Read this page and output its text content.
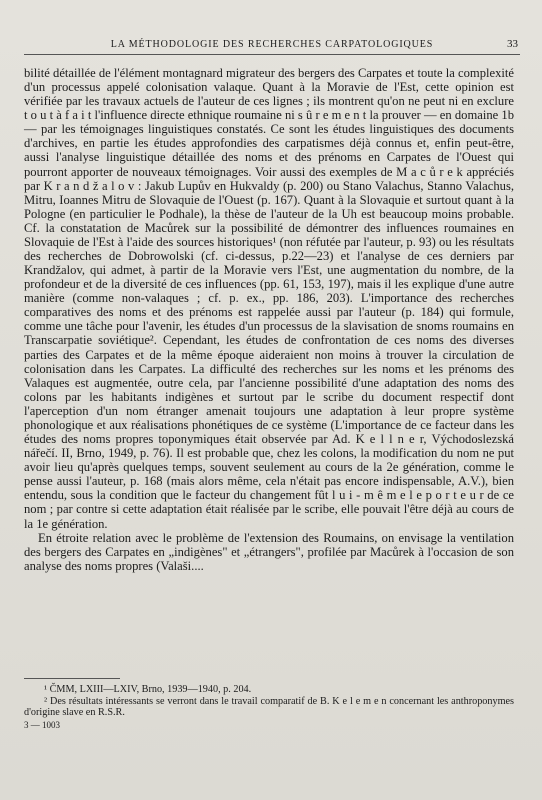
LA MÉTHODOLOGIE DES RECHERCHES CARPATOLOGIQUES	33

bilité détaillée de l'élément montagnard migrateur des bergers des Carpates et toute la complexité d'un processus appelé colonisation valaque. Quant à la Moravie de l'Est, cette opinion est vérifiée par les travaux actuels de l'auteur de ces lignes ; ils montrent qu'on ne peut ni en exclure t o u t à f a i t l'influence directe ethnique roumaine ni s û r e m e n t la prouver — en domaine 1b — par les témoignages linguistiques constatés. Ce sont les études linguistiques des documents d'archives, en partie les études approfondies des carpatismes déjà connus et, enfin peut-être, aussi l'analyse linguistique détaillée des noms et des prénoms en Carpates de l'Ouest qui pourront apporter de nouveaux témoignages. Voir aussi des exemples de M a c ů r e k appréciés par K r a n d ž a l o v : Jakub Lupův en Hukvaldy (p. 200) ou Stano Valachus, Stanno Valachus, Mitru, Ioannes Mitru de Slovaquie de l'Ouest (p. 167). Quant à la Slovaquie et surtout quant à la Pologne (en particulier le Podhale), la thèse de l'auteur de la Uh est beaucoup moins probable. Cf. la constatation de Macůrek sur la possibilité de démontrer des influences roumaines en Slovaquie de l'Est à l'aide des sources historiques¹ (non réfutée par l'auteur, p. 93) ou les résultats des recherches de Dobrowolski (cf. ci-dessus, p.22—23) et l'analyse de ces derniers par Krandžalov, qui admet, à partir de la Moravie vers l'Est, une augmentation du nombre, de la profondeur et de la diversité de ces influences (pp. 61, 153, 197), mais il les explique d'une autre manière (comme non-valaques ; cf. p. ex., pp. 186, 203). L'importance des recherches comparatives des noms et des prénoms est rappelée aussi par l'auteur (p. 184) qui formule, comme une tâche pour l'avenir, les études d'un processus de la slavisation de snoms roumains en Transcarpatie soviétique². Cependant, les études de confrontation de ces noms des diverses parties des Carpates et de la même époque aideraient non moins à trouver la circulation de colonisation dans les Carpates. La difficulté des recherches sur les noms et les prénoms des Valaques est augmentée, outre cela, par l'ancienne possibilité d'une adaptation des noms des colons par les habitants indigènes et surtout par le scribe du document respectif dont l'aperception d'un nom étranger amenait toujours une adaptation à leur propre système phonologique et aux réalisations phonétiques de ce système (L'importance de ce facteur dans les études des noms propres toponymiques était observée par Ad. K e l l n e r, Východoslezská nářečí. II, Brno, 1949, p. 76). Il est probable que, chez les colons, la modification du nom ne put avoir lieu qu'après quelques temps, souvent seulement au cours de la 2e génération, comme le pense aussi l'auteur, p. 168 (mais alors même, cela n'était pas encore indispensable, A.V.), bien entendu, sous la condition que le facteur du changement fût l u i - m ê m e l e p o r t e u r de ce nom ; par contre si cette adaptation était réalisée par le scribe, elle pouvait l'être déjà au cours de la 1e génération.

En étroite relation avec le problème de l'extension des Roumains, on envisage la ventilation des bergers des Carpates en „indigènes" et „étrangers", profilée par Macůrek à l'occasion de son analyse des noms propres (Valaši....

¹ ČMM, LXIII—LXIV, Brno, 1939—1940, p. 204.

² Des résultats intéressants se verront dans le travail comparatif de B. K e l e m e n concernant les anthroponymes d'origine slave en R.S.R.

3 — 1003
